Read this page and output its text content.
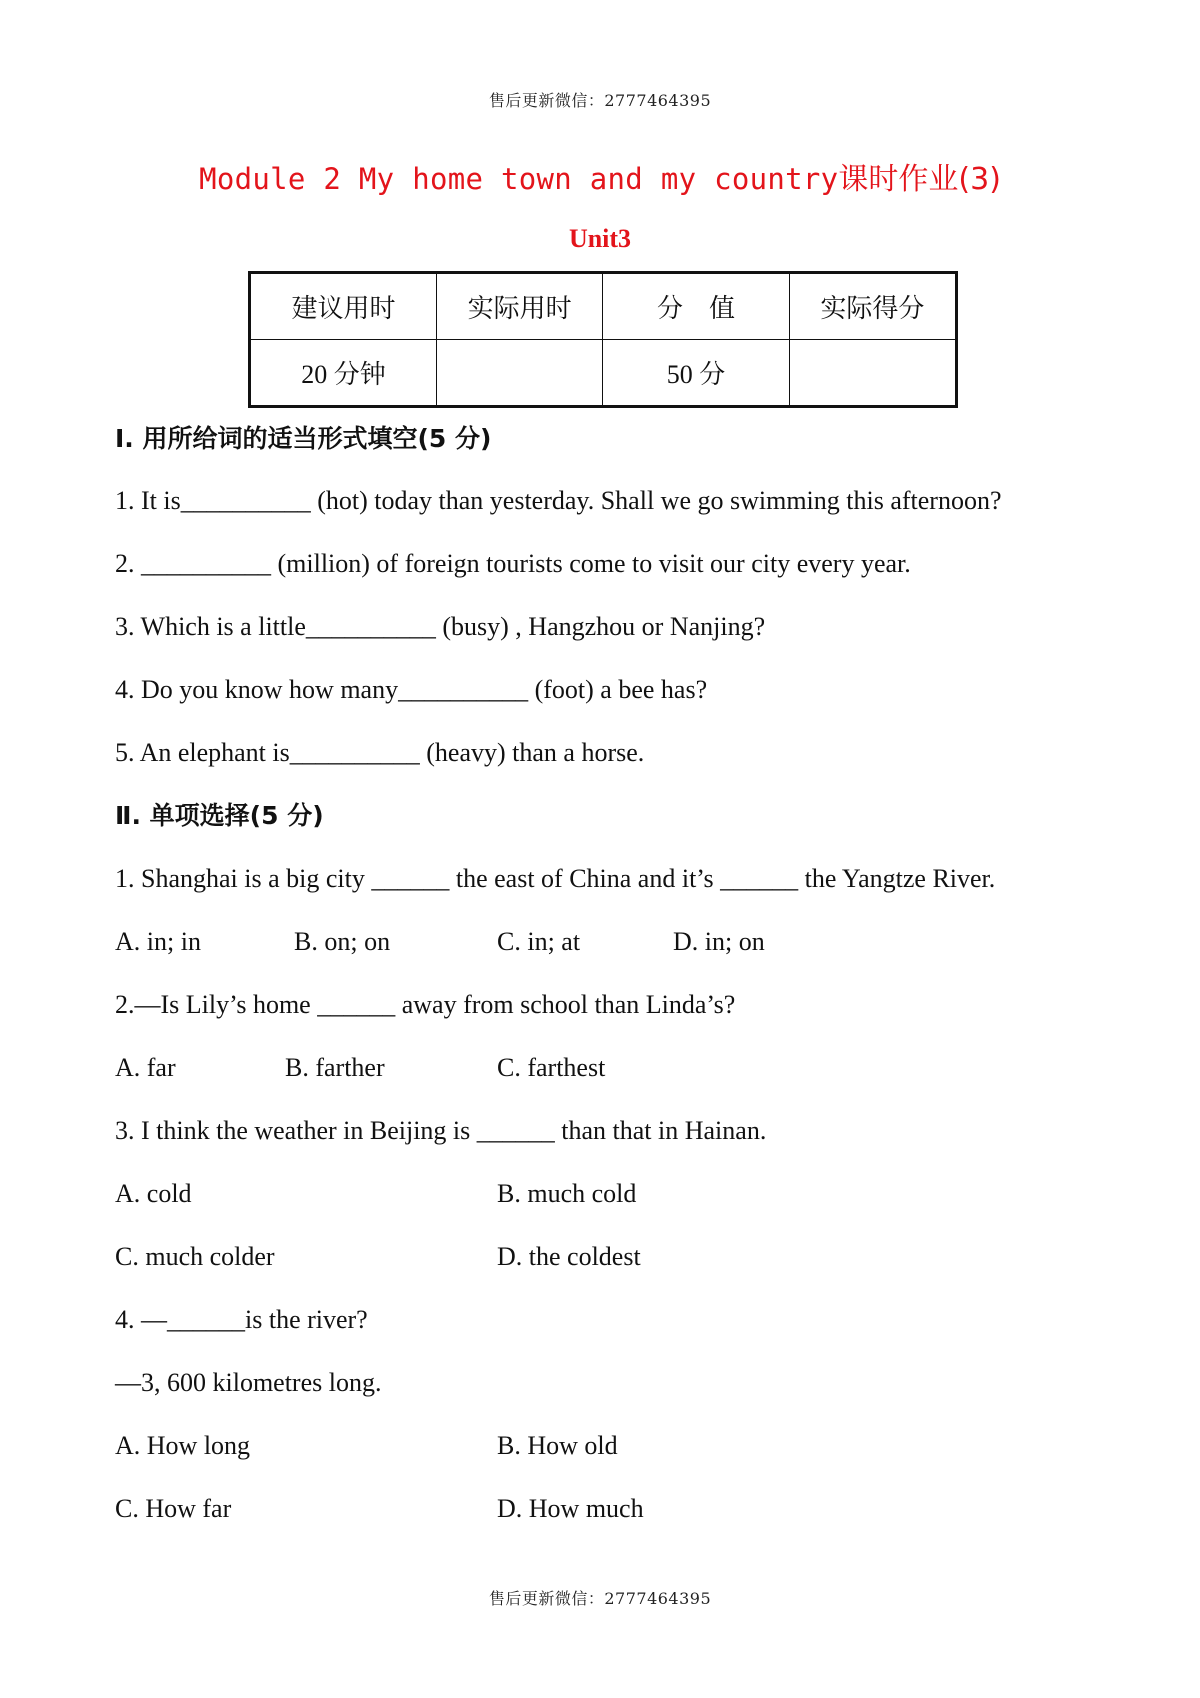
售后更新微信：2777464395
Module 2 My home town and my country课时作业(3)
Unit3
建议用时	实际用时	分　值	实际得分
20 分钟		50 分	
Ⅰ. 用所给词的适当形式填空(5 分)
1. It is__________ (hot) today than yesterday. Shall we go swimming this afternoon?
2. __________ (million) of foreign tourists come to visit our city every year.
3. Which is a little__________ (busy) , Hangzhou or Nanjing?
4. Do you know how many__________ (foot) a bee has?
5. An elephant is__________ (heavy) than a horse.
Ⅱ. 单项选择(5 分)
1. Shanghai is a big city ______ the east of China and it’s ______ the Yangtze River.
A. in; in	B. on; on	C. in; at	D. in; on
2.—Is Lily’s home ______ away from school than Linda’s?
A. far	B. farther	C. farthest
3. I think the weather in Beijing is ______ than that in Hainan.
A. cold	B. much cold
C. much colder	D. the coldest
4. —______is the river?
—3, 600 kilometres long.
A. How long	B. How old
C. How far	D. How much
售后更新微信：2777464395
